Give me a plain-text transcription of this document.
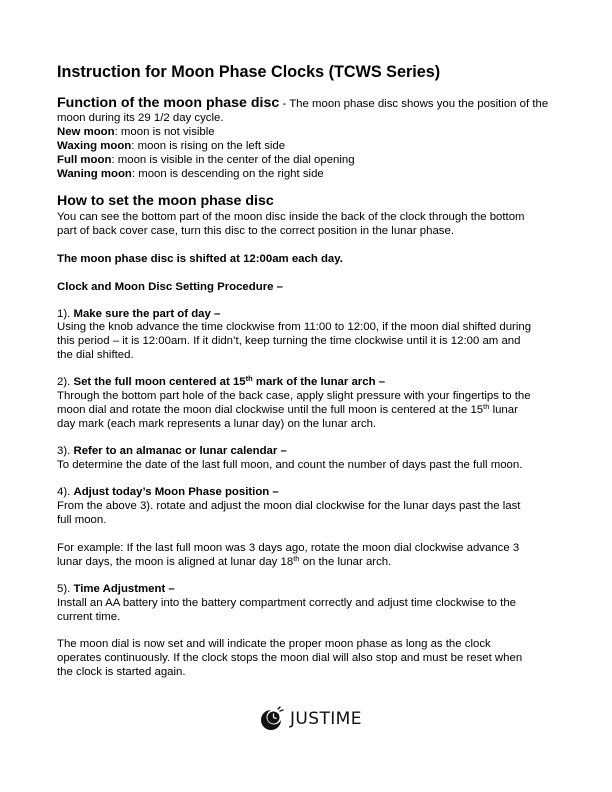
Instruction for Moon Phase Clocks (TCWS Series)
Function of the moon phase disc - The moon phase disc shows you the position of the
moon during its 29 1/2 day cycle.
New moon: moon is not visible
Waxing moon: moon is rising on the left side
Full moon: moon is visible in the center of the dial opening
Waning moon: moon is descending on the right side
How to set the moon phase disc
You can see the bottom part of the moon disc inside the back of the clock through the bottom
part of back cover case, turn this disc to the correct position in the lunar phase.
The moon phase disc is shifted at 12:00am each day.
Clock and Moon Disc Setting Procedure –
1). Make sure the part of day –
Using the knob advance the time clockwise from 11:00 to 12:00, if the moon dial shifted during
this period – it is 12:00am. If it didn’t, keep turning the time clockwise until it is 12:00 am and
the dial shifted.
2). Set the full moon centered at 15th mark of the lunar arch –
Through the bottom part hole of the back case, apply slight pressure with your fingertips to the
moon dial and rotate the moon dial clockwise until the full moon is centered at the 15th lunar
day mark (each mark represents a lunar day) on the lunar arch.
3). Refer to an almanac or lunar calendar –
To determine the date of the last full moon, and count the number of days past the full moon.
4). Adjust today’s Moon Phase position –
From the above 3). rotate and adjust the moon dial clockwise for the lunar days past the last
full moon.
For example: If the last full moon was 3 days ago, rotate the moon dial clockwise advance 3
lunar days, the moon is aligned at lunar day 18th on the lunar arch.
5). Time Adjustment –
Install an AA battery into the battery compartment correctly and adjust time clockwise to the
current time.
The moon dial is now set and will indicate the proper moon phase as long as the clock
operates continuously. If the clock stops the moon dial will also stop and must be reset when
the clock is started again.
JUSTIME
